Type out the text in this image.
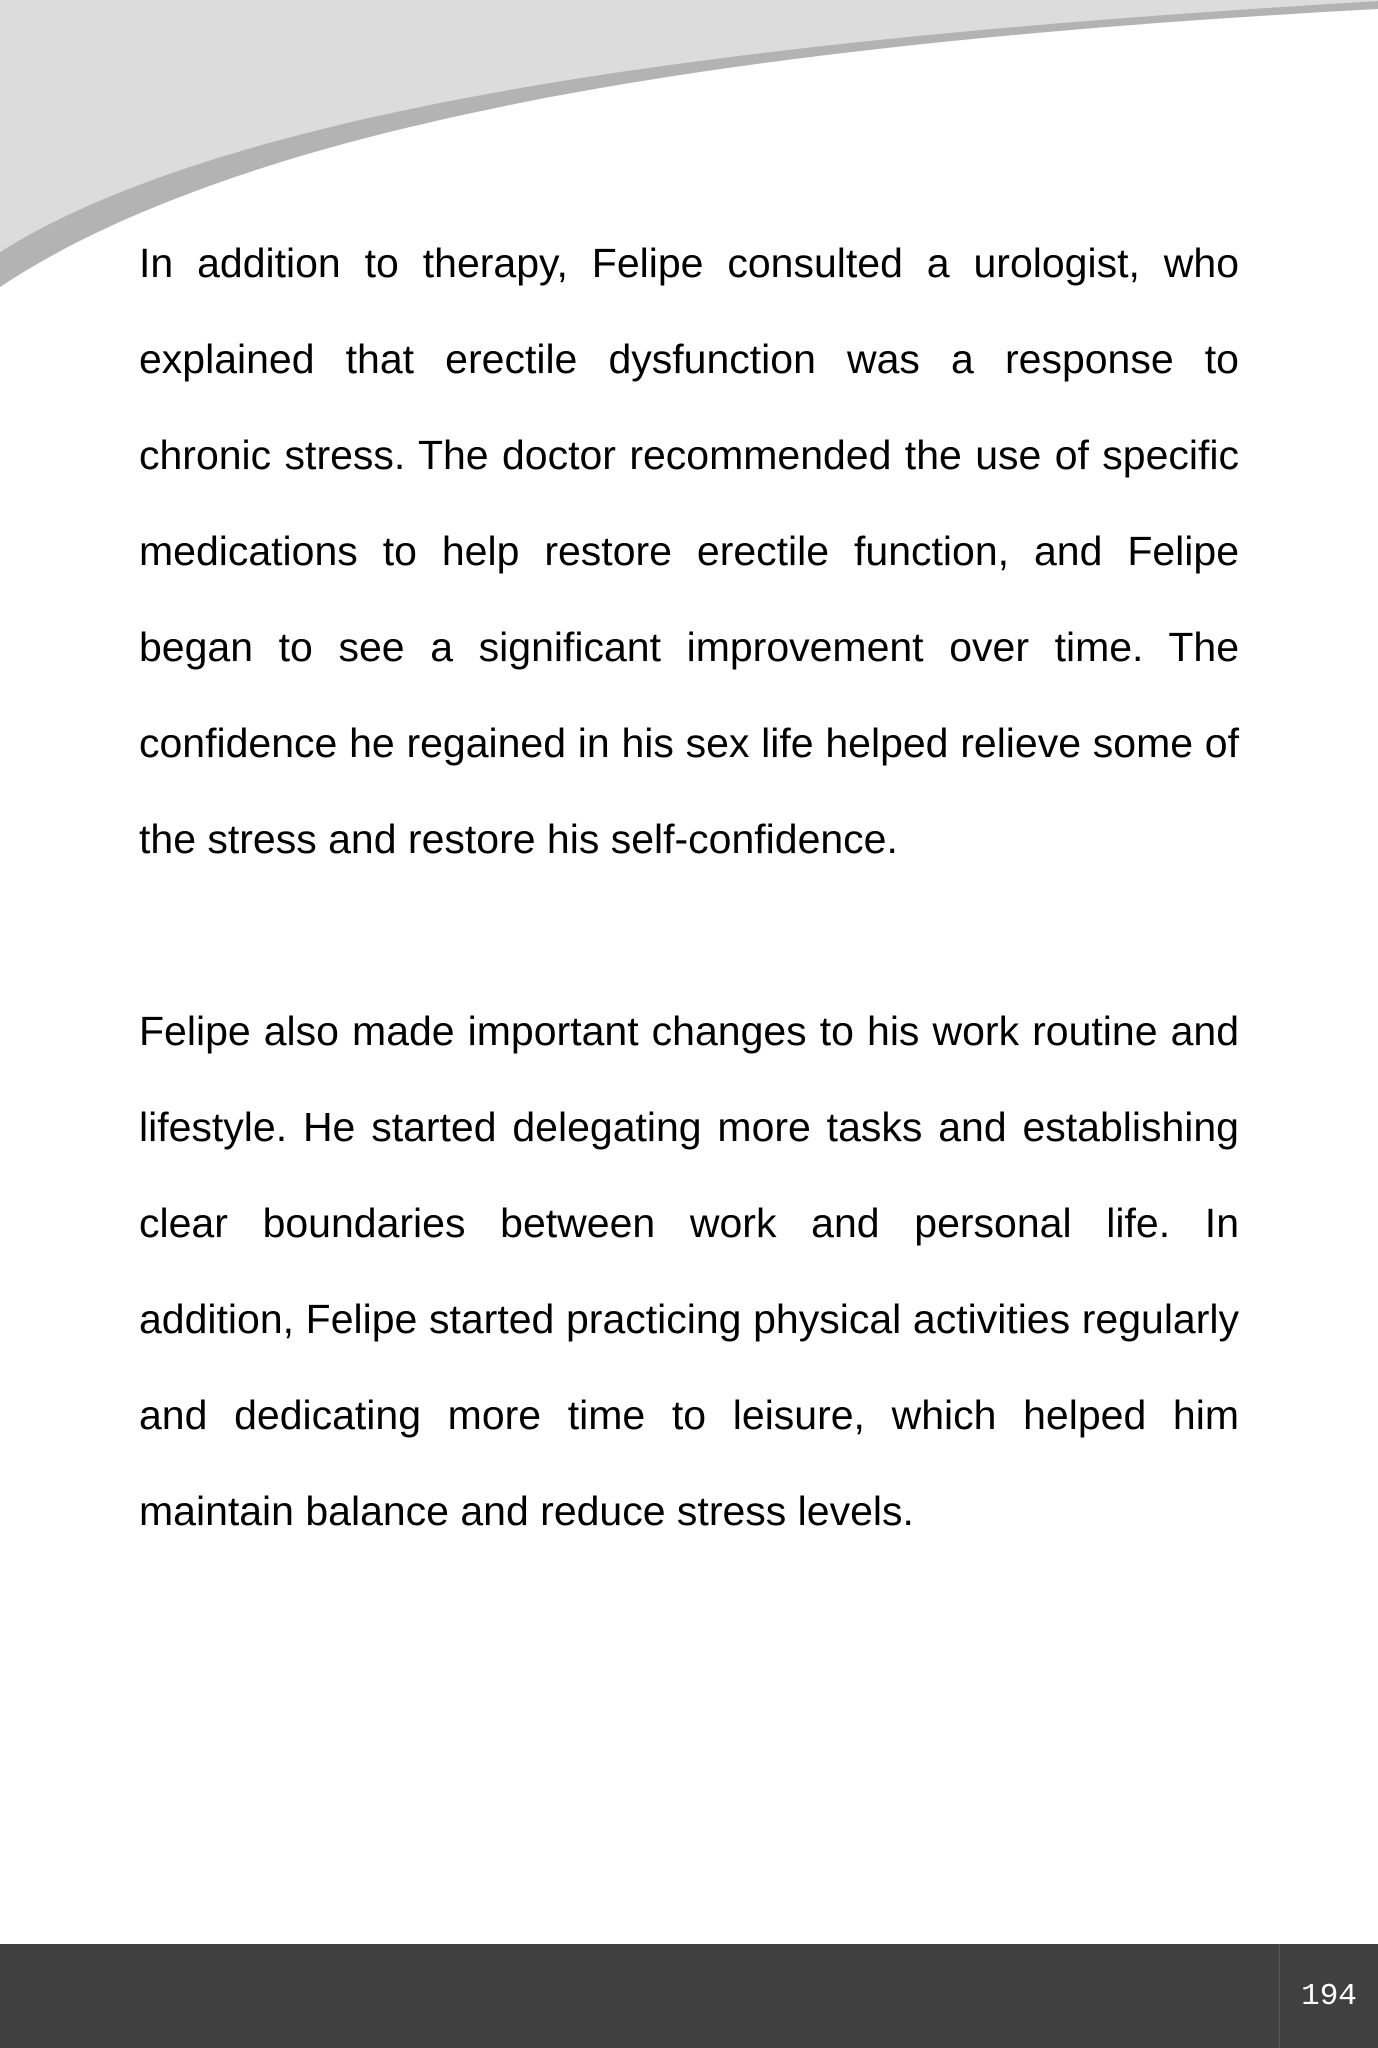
In addition to therapy, Felipe consulted a urologist, who explained that erectile dysfunction was a response to chronic stress. The doctor recommended the use of specific medications to help restore erectile function, and Felipe began to see a significant improvement over time. The confidence he regained in his sex life helped relieve some of the stress and restore his self-confidence.

Felipe also made important changes to his work routine and lifestyle. He started delegating more tasks and establishing clear boundaries between work and personal life. In addition, Felipe started practicing physical activities regularly and dedicating more time to leisure, which helped him maintain balance and reduce stress levels.

194
